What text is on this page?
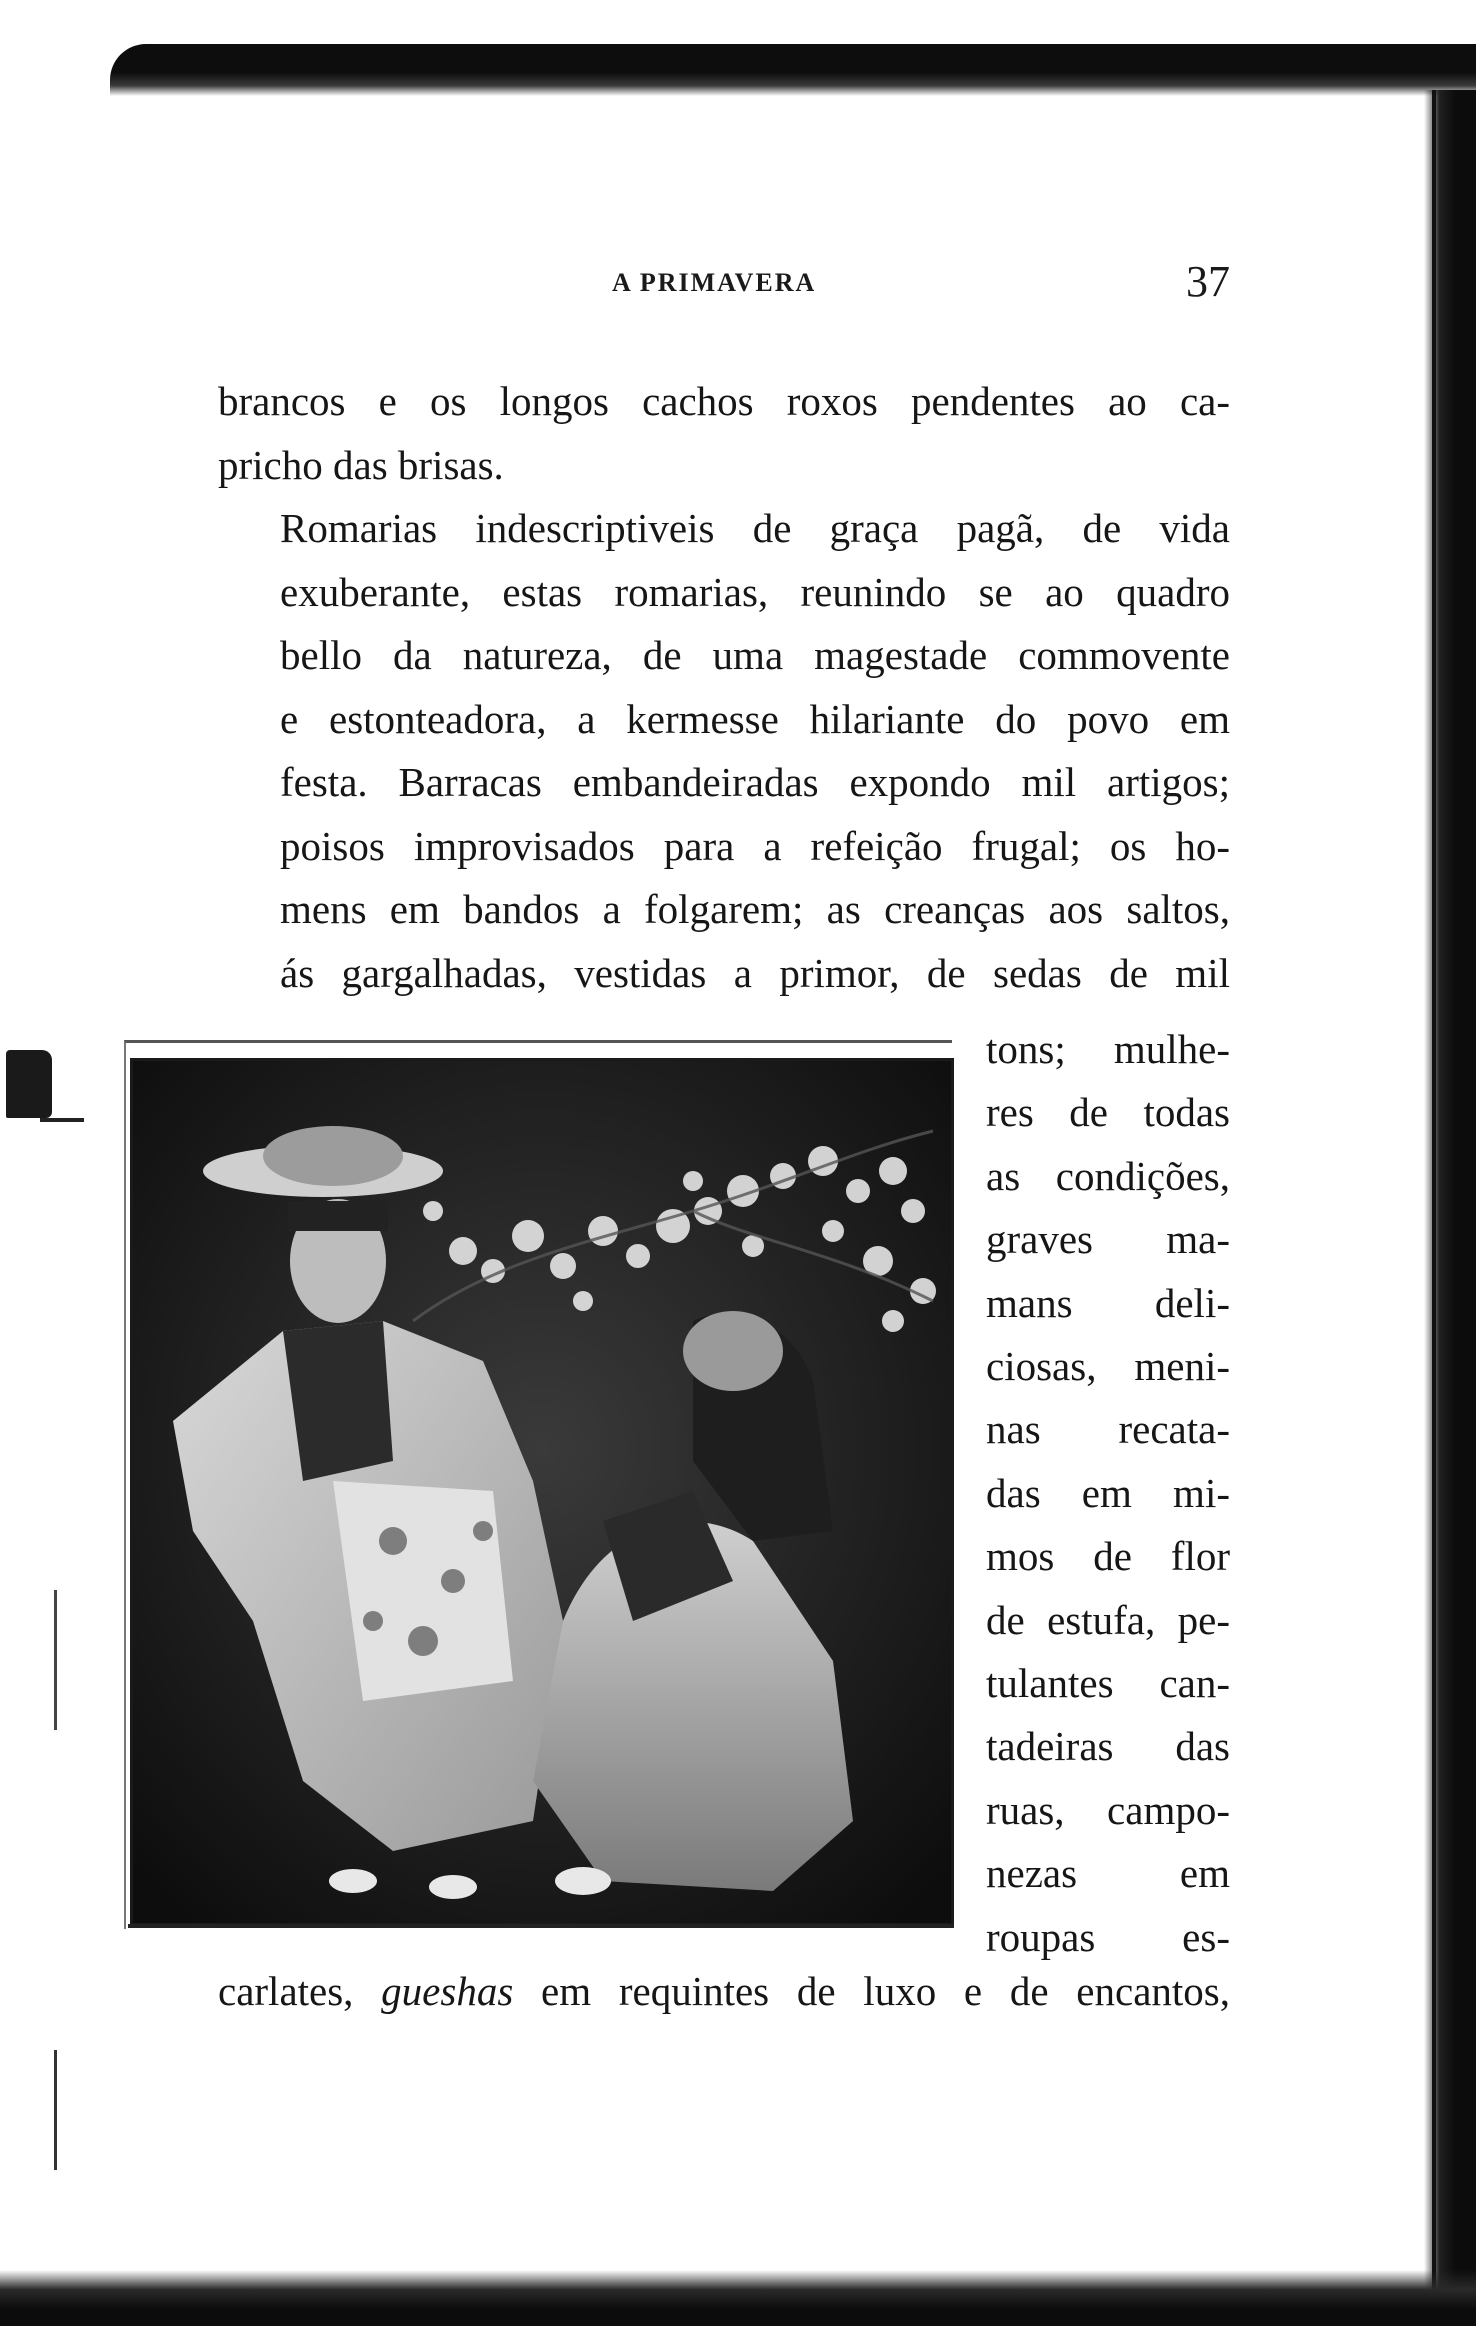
A PRIMAVERA	37

brancos e os longos cachos roxos pendentes ao ca-
pricho das brisas.

Romarias indescriptiveis de graça pagã, de vida
exuberante, estas romarias, reunindo se ao quadro
bello da natureza, de uma magestade commovente
e estonteadora, a kermesse hilariante do povo em
festa. Barracas embandeiradas expondo mil artigos;
poisos improvisados para a refeição frugal; os ho-
mens em bandos a folgarem; as creanças aos saltos,
ás gargalhadas, vestidas a primor, de sedas de mil

tons; mulhe-
res de todas
as condições,
graves ma-
mans deli-
ciosas, meni-
nas recata-
das em mi-
mos de flor
de estufa, pe-
tulantes can-
tadeiras das
ruas, campo-
nezas em
roupas es-
carlates, gueshas em requintes de luxo e de encantos,
